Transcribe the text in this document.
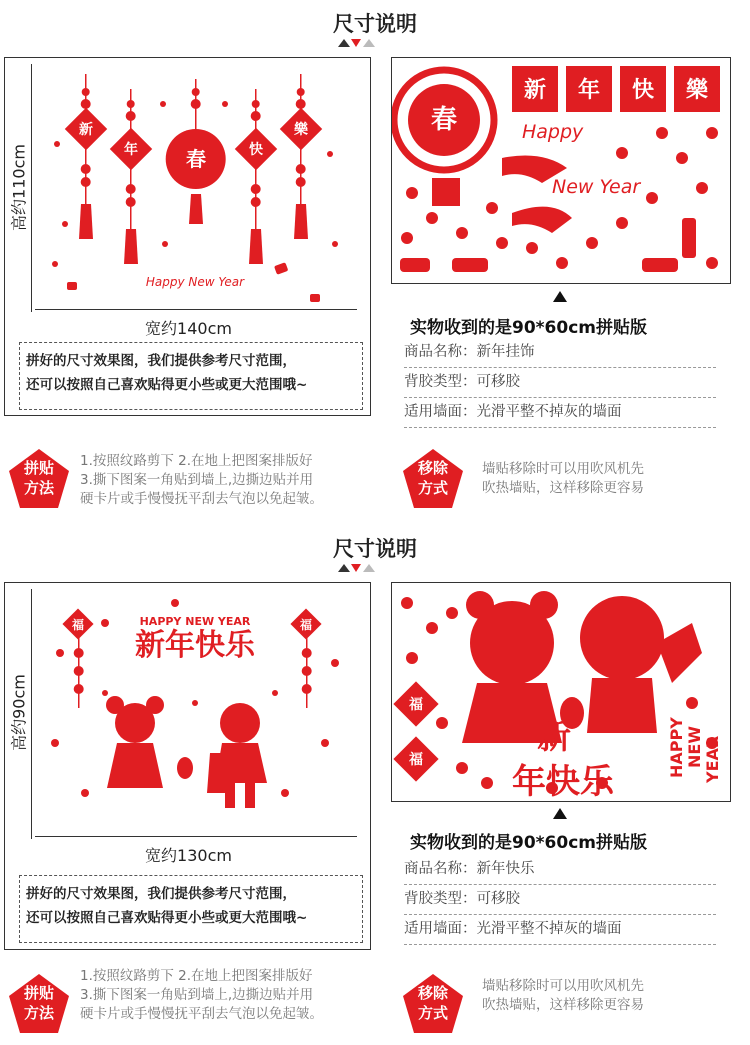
尺寸说明
高约110cm
宽约140cm
新
年	快
樂
春
Happy New Year
拼好的尺寸效果图，我们提供参考尺寸范围，
还可以按照自己喜欢贴得更小些或更大范围哦~
春
新 年 快 樂
Happy
New Year
实物收到的是90*60cm拼贴版
商品名称：新年挂饰
背胶类型：可移胶
适用墙面：光滑平整不掉灰的墙面
拼贴
方法
1.按照纹路剪下 2.在地上把图案排版好
3.撕下图案一角贴到墙上,边撕边贴并用
硬卡片或手慢慢抚平刮去气泡以免起皱。
移除
方式
墙贴移除时可以用吹风机先
吹热墙贴，这样移除更容易
尺寸说明
高约90cm
宽约130cm
福	福
HAPPY NEW YEAR
新年快乐
拼好的尺寸效果图，我们提供参考尺寸范围，
还可以按照自己喜欢贴得更小些或更大范围哦~
福
福
新
年快乐
HAPPY NEW YEAR
实物收到的是90*60cm拼贴版
商品名称：新年快乐
背胶类型：可移胶
适用墙面：光滑平整不掉灰的墙面
拼贴
方法
1.按照纹路剪下 2.在地上把图案排版好
3.撕下图案一角贴到墙上,边撕边贴并用
硬卡片或手慢慢抚平刮去气泡以免起皱。
移除
方式
墙贴移除时可以用吹风机先
吹热墙贴，这样移除更容易
